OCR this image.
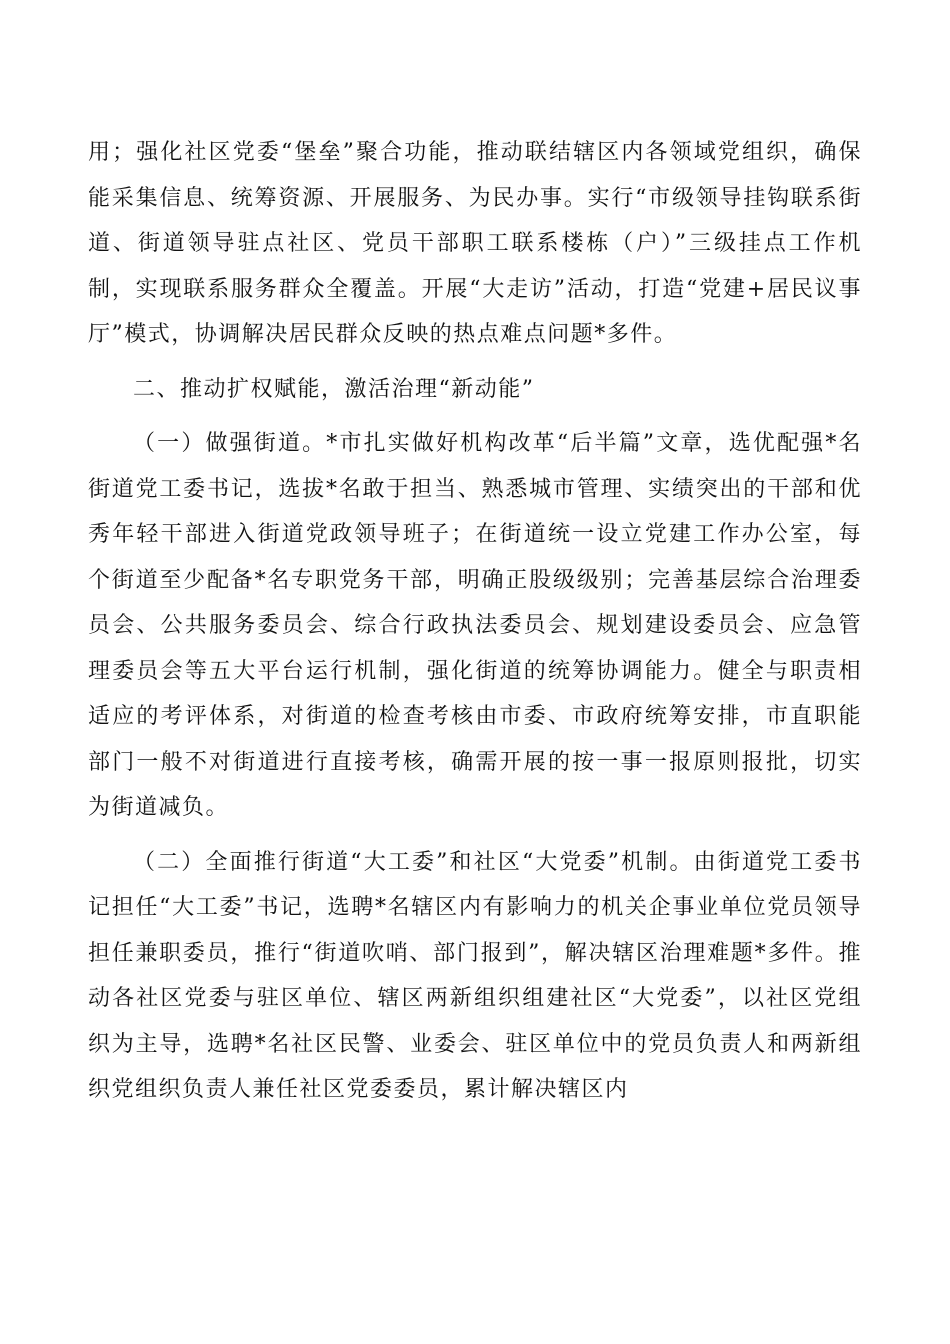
用；强化社区党委“堡垒”聚合功能，推动联结辖区内各领域党组织，确保能采集信息、统筹资源、开展服务、为民办事。实行“市级领导挂钩联系街道、街道领导驻点社区、党员干部职工联系楼栋（户）”三级挂点工作机制，实现联系服务群众全覆盖。开展“大走访”活动，打造“党建+居民议事厅”模式，协调解决居民群众反映的热点难点问题*多件。

二、推动扩权赋能，激活治理“新动能”

（一）做强街道。*市扎实做好机构改革“后半篇”文章，选优配强*名街道党工委书记，选拔*名敢于担当、熟悉城市管理、实绩突出的干部和优秀年轻干部进入街道党政领导班子；在街道统一设立党建工作办公室，每个街道至少配备*名专职党务干部，明确正股级级别；完善基层综合治理委员会、公共服务委员会、综合行政执法委员会、规划建设委员会、应急管理委员会等五大平台运行机制，强化街道的统筹协调能力。健全与职责相适应的考评体系，对街道的检查考核由市委、市政府统筹安排，市直职能部门一般不对街道进行直接考核，确需开展的按一事一报原则报批，切实为街道减负。

（二）全面推行街道“大工委”和社区“大党委”机制。由街道党工委书记担任“大工委”书记，选聘*名辖区内有影响力的机关企事业单位党员领导担任兼职委员，推行“街道吹哨、部门报到”，解决辖区治理难题*多件。推动各社区党委与驻区单位、辖区两新组织组建社区“大党委”，以社区党组织为主导，选聘*名社区民警、业委会、驻区单位中的党员负责人和两新组织党组织负责人兼任社区党委委员，累计解决辖区内
